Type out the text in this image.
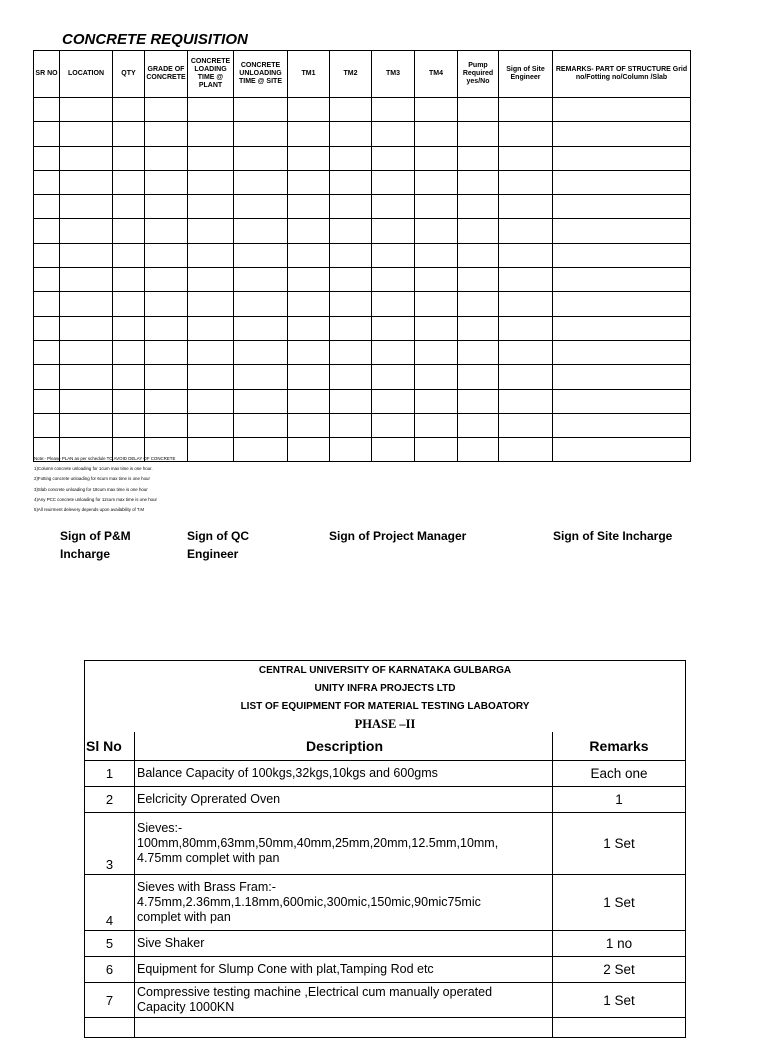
CONCRETE REQUISITION
SR NO	LOCATION	QTY	GRADE OF CONCRETE	CONCRETE LOADING TIME @ PLANT	CONCRETE UNLOADING TIME @ SITE	TM1	TM2	TM3	TM4	Pump Required yes/No	Sign of Site Engineer	REMARKS- PART OF STRUCTURE Grid no/Fotting no/Column /Slab

Note:- Please PLAN as per schedule TO AVOID DELAY OF CONCRETE
1)Column concrete unloading for 1cum max time is one hour.
2)Fotting concrete unloading for 6cum max time is one hour
3)Slab concrete unloading for 18cum max time is one hour
4)Any PCC concrete unloading for 12cum max time is one hour
5)All reuirment delevery depends upon availability of T.M
Sign of P&M Incharge
Sign of QC Engineer
Sign of Project Manager	Sign of Site Incharge
CENTRAL UNIVERSITY OF KARNATAKA GULBARGA
UNITY INFRA PROJECTS LTD
LIST OF EQUIPMENT FOR MATERIAL TESTING LABOATORY
PHASE –II		

Sl No	Description	Remarks
1	Balance Capacity of 100kgs,32kgs,10kgs and 600gms	Each one
2	Eelcricity Oprerated Oven	1
3	Sieves:-
100mm,80mm,63mm,50mm,40mm,25mm,20mm,12.5mm,10mm,
4.75mm complet with pan	1 Set
4	Sieves with Brass Fram:-
4.75mm,2.36mm,1.18mm,600mic,300mic,150mic,90mic75mic
complet with pan	1 Set
5	Sive Shaker	1 no
6	Equipment for Slump Cone with plat,Tamping Rod etc	2 Set
7	Compressive testing machine ,Electrical cum manually operated
Capacity 1000KN	1 Set
